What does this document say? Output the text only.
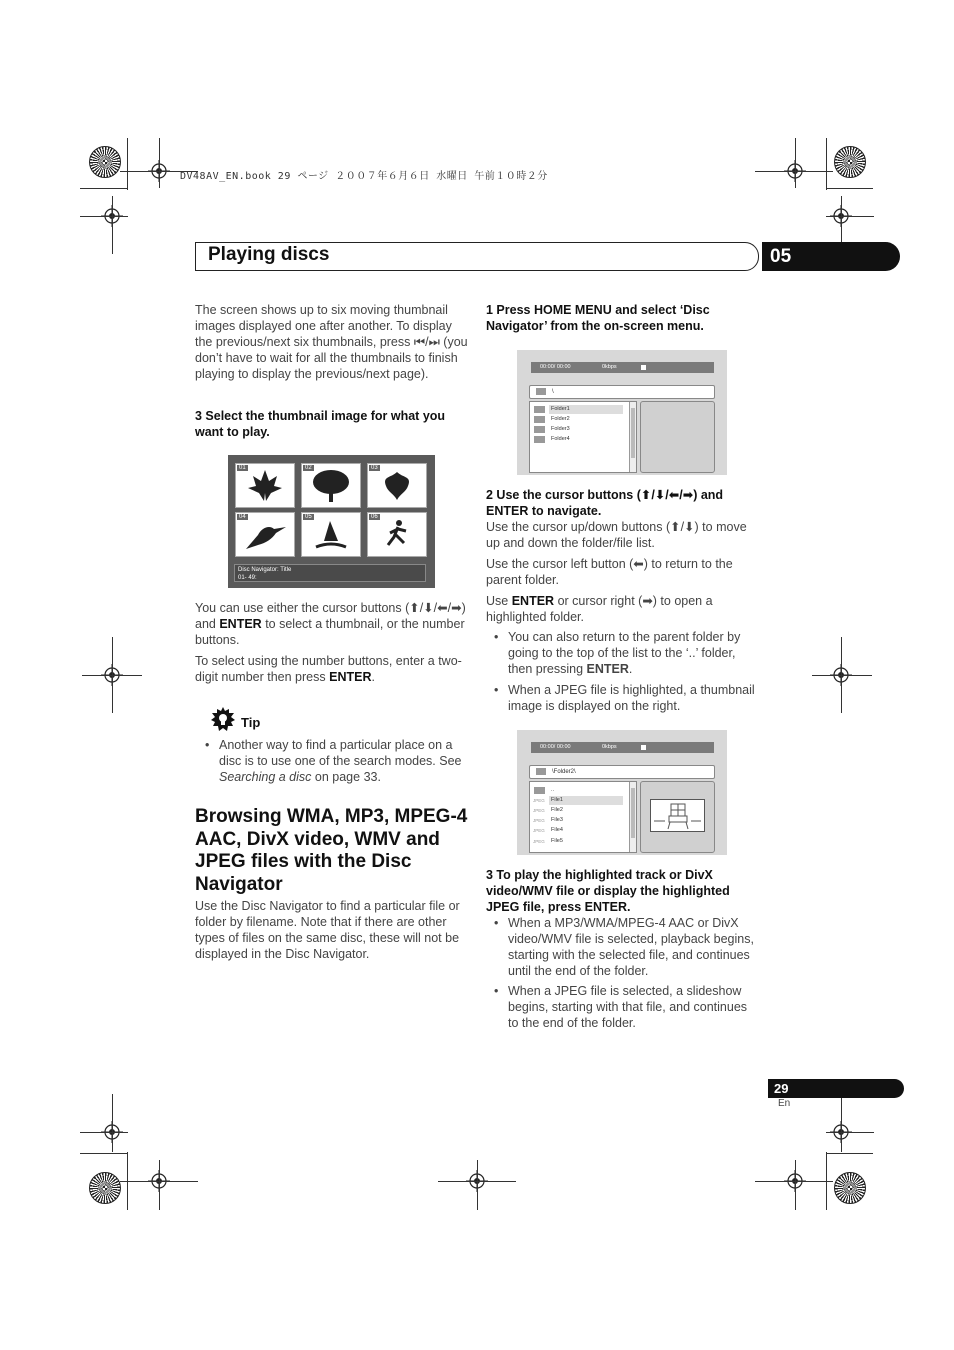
DV48AV_EN.book 29 ページ ２００７年６月６日 水曜日 午前１０時２分
Playing discs	05
The screen shows up to six moving thumbnail images displayed one after another. To display the previous/next six thumbnails, press ⏮/⏭ (you don’t have to wait for all the thumbnails to finish playing to display the previous/next page).
3 Select the thumbnail image for what you want to play.
01	02	03
04	05	06
Disc Navigator: Title
01- 49:
You can use either the cursor buttons (⬆/⬇/⬅/➡) and ENTER to select a thumbnail, or the number buttons.
To select using the number buttons, enter a two-digit number then press ENTER.
Tip
• Another way to find a particular place on a disc is to use one of the search modes. See Searching a disc on page 33.
Browsing WMA, MP3, MPEG-4 AAC, DivX video, WMV and JPEG files with the Disc Navigator
Use the Disc Navigator to find a particular file or folder by filename. Note that if there are other types of files on the same disc, these will not be displayed in the Disc Navigator.
1 Press HOME MENU and select ‘Disc Navigator’ from the on-screen menu.
00:00/ 00:00	0kbps
\
Folder1
Folder2
Folder3
Folder4
2 Use the cursor buttons (⬆/⬇/⬅/➡) and ENTER to navigate.
Use the cursor up/down buttons (⬆/⬇) to move up and down the folder/file list.
Use the cursor left button (⬅) to return to the parent folder.
Use ENTER or cursor right (➡) to open a highlighted folder.
• You can also return to the parent folder by going to the top of the list to the ‘..’ folder, then pressing ENTER.
• When a JPEG file is highlighted, a thumbnail image is displayed on the right.
00:00/ 00:00	0kbps
\Folder2\
..
JPEG	File1
JPEG	File2
JPEG	File3
JPEG	File4
JPEG	File5
3 To play the highlighted track or DivX video/WMV file or display the highlighted JPEG file, press ENTER.
• When a MP3/WMA/MPEG-4 AAC or DivX video/WMV file is selected, playback begins, starting with the selected file, and continues until the end of the folder.
• When a JPEG file is selected, a slideshow begins, starting with that file, and continues to the end of the folder.
29
En
